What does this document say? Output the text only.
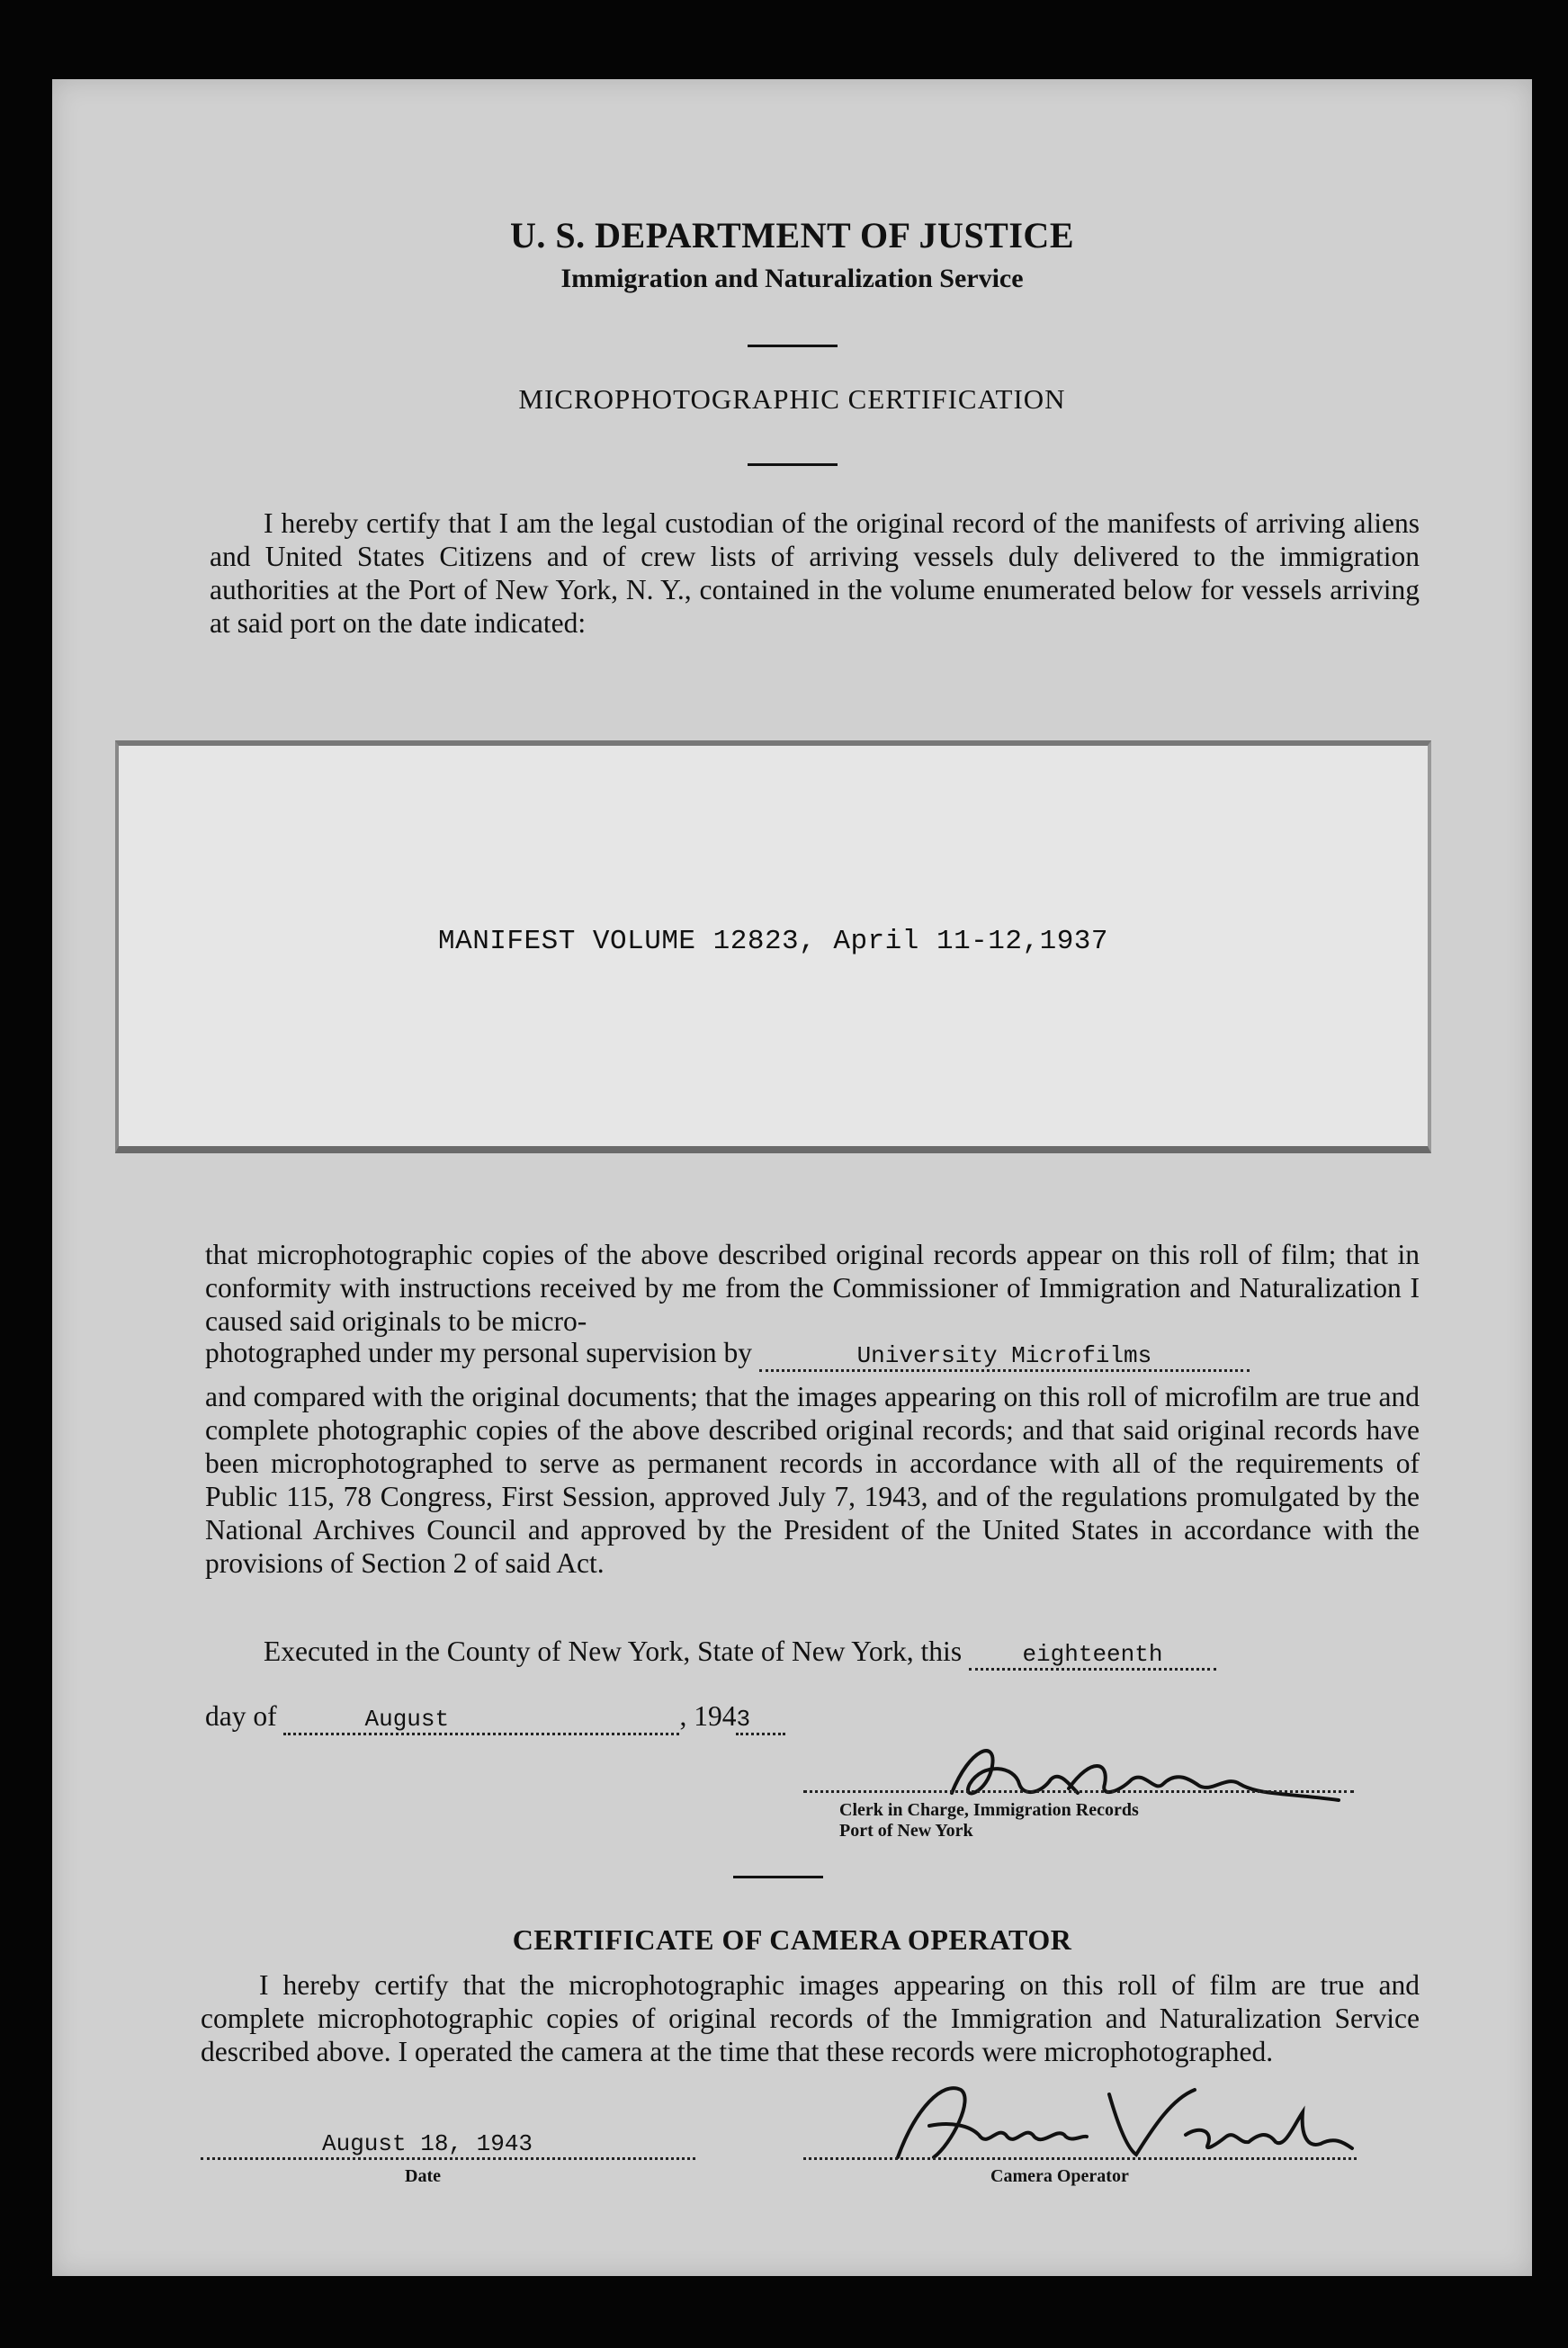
U. S. DEPARTMENT OF JUSTICE
Immigration and Naturalization Service
MICROPHOTOGRAPHIC CERTIFICATION
I hereby certify that I am the legal custodian of the original record of the manifests of arriving aliens and United States Citizens and of crew lists of arriving vessels duly delivered to the immigration authorities at the Port of New York, N. Y., contained in the volume enumerated below for vessels arriving at said port on the date indicated:
MANIFEST VOLUME 12823, April 11-12,1937
that microphotographic copies of the above described original records appear on this roll of film; that in conformity with instructions received by me from the Commissioner of Immigration and Naturalization I caused said originals to be micro-
photographed under my personal supervision by	University Microfilms
and compared with the original documents; that the images appearing on this roll of microfilm are true and complete photographic copies of the above described original records; and that said original records have been microphotographed to serve as permanent records in accordance with all of the requirements of Public 115, 78 Congress, First Session, approved July 7, 1943, and of the regulations promulgated by the National Archives Council and approved by the President of the United States in accordance with the provisions of Section 2 of said Act.
Executed in the County of New York, State of New York, this	eighteenth
day of	August	, 1943
Clerk in Charge, Immigration Records
Port of New York
CERTIFICATE OF CAMERA OPERATOR
I hereby certify that the microphotographic images appearing on this roll of film are true and complete microphotographic copies of original records of the Immigration and Naturalization Service described above. I operated the camera at the time that these records were microphotographed.
August 18, 1943
Date	Camera Operator
